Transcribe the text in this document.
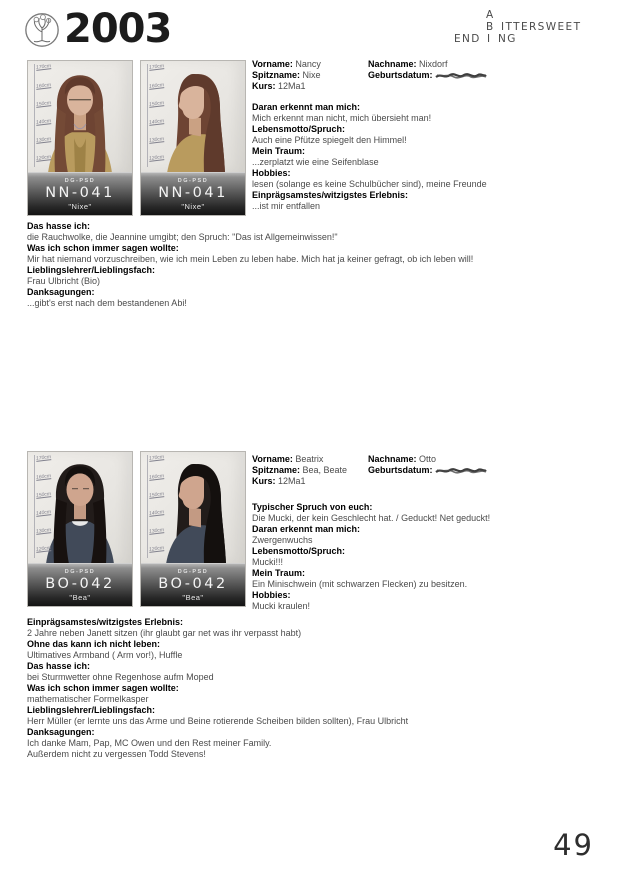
2003	A
B ITTERSWEET
END I NG
170cm
160cm
150cm
140cm
130cm
120cm
DG-PSD
NN-041
"Nixe"
170cm
160cm
150cm
140cm
130cm
120cm
DG-PSD
NN-041
"Nixe"
Vorname: Nancy	Nachname: Nixdorf
Spitzname: Nixe	Geburtsdatum:
Kurs: 12Ma1
Daran erkennt man mich:
Mich erkennt man nicht, mich übersieht man!
Lebensmotto/Spruch:
Auch eine Pfütze spiegelt den Himmel!
Mein Traum:
...zerplatzt wie eine Seifenblase
Hobbies:
lesen (solange es keine Schulbücher sind), meine Freunde
Einprägsamstes/witzigstes Erlebnis:
...ist mir entfallen
Das hasse ich:
die Rauchwolke, die Jeannine umgibt; den Spruch: "Das ist Allgemeinwissen!"
Was ich schon immer sagen wollte:
Mir hat niemand vorzuschreiben, wie ich mein Leben zu leben habe. Mich hat ja keiner gefragt, ob ich leben will!
Lieblingslehrer/Lieblingsfach:
Frau Ulbricht (Bio)
Danksagungen:
...gibt's erst nach dem bestandenen Abi!
170cm
160cm
150cm
140cm
130cm
120cm
DG-PSD
BO-042
"Bea"
170cm
160cm
150cm
140cm
130cm
120cm
DG-PSD
BO-042
"Bea"
Vorname: Beatrix	Nachname: Otto
Spitzname: Bea, Beate	Geburtsdatum:
Kurs: 12Ma1
Typischer Spruch von euch:
Die Mucki, der kein Geschlecht hat. / Geduckt! Net geduckt!
Daran erkennt man mich:
Zwergenwuchs
Lebensmotto/Spruch:
Mucki!!!
Mein Traum:
Ein Minischwein (mit schwarzen Flecken) zu besitzen.
Hobbies:
Mucki kraulen!
Einprägsamstes/witzigstes Erlebnis:
2 Jahre neben Janett sitzen (ihr glaubt gar net was ihr verpasst habt)
Ohne das kann ich nicht leben:
Ultimatives Armband ( Arm vor!), Huffle
Das hasse ich:
bei Sturmwetter ohne Regenhose aufm Moped
Was ich schon immer sagen wollte:
mathematischer Formelkasper
Lieblingslehrer/Lieblingsfach:
Herr Müller (er lernte uns das Arme und Beine rotierende Scheiben bilden sollten), Frau Ulbricht
Danksagungen:
Ich danke Mam, Pap, MC Owen und den Rest meiner Family.
Außerdem nicht zu vergessen Todd Stevens!
49
